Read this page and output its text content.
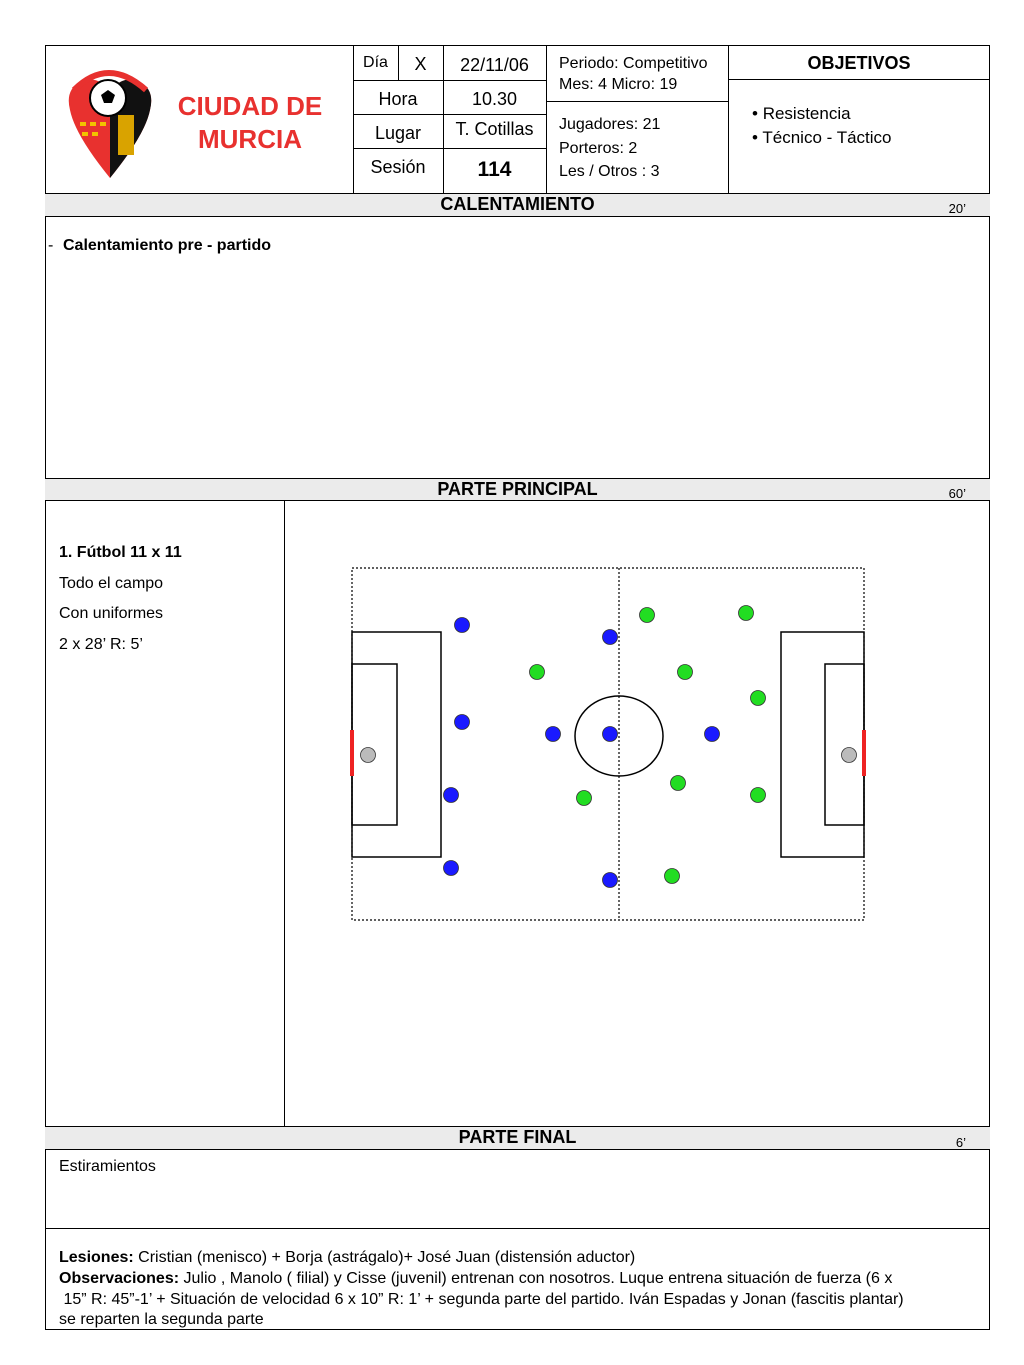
CIUDAD DE
MURCIA
Día	X	22/11/06
Hora	10.30
Lugar	T. Cotillas
Sesión	114
Periodo: Competitivo
Mes: 4 Micro: 19
Jugadores: 21
Porteros: 2
Les / Otros : 3
OBJETIVOS
• Resistencia
• Técnico - Táctico
CALENTAMIENTO	20’
- Calentamiento pre - partido
PARTE PRINCIPAL	60’
1. Fútbol 11 x 11
Todo el campo
Con uniformes
2 x 28’ R: 5’
PARTE FINAL	6’
Estiramientos
Lesiones: Cristian (menisco) + Borja (astrágalo)+ José Juan (distensión aductor)
Observaciones: Julio , Manolo ( filial) y Cisse (juvenil) entrenan con nosotros. Luque entrena situación de fuerza (6 x
15” R: 45”-1’ + Situación de velocidad 6 x 10” R: 1’ + segunda parte del partido. Iván Espadas y Jonan (fascitis plantar)
se reparten la segunda parte
